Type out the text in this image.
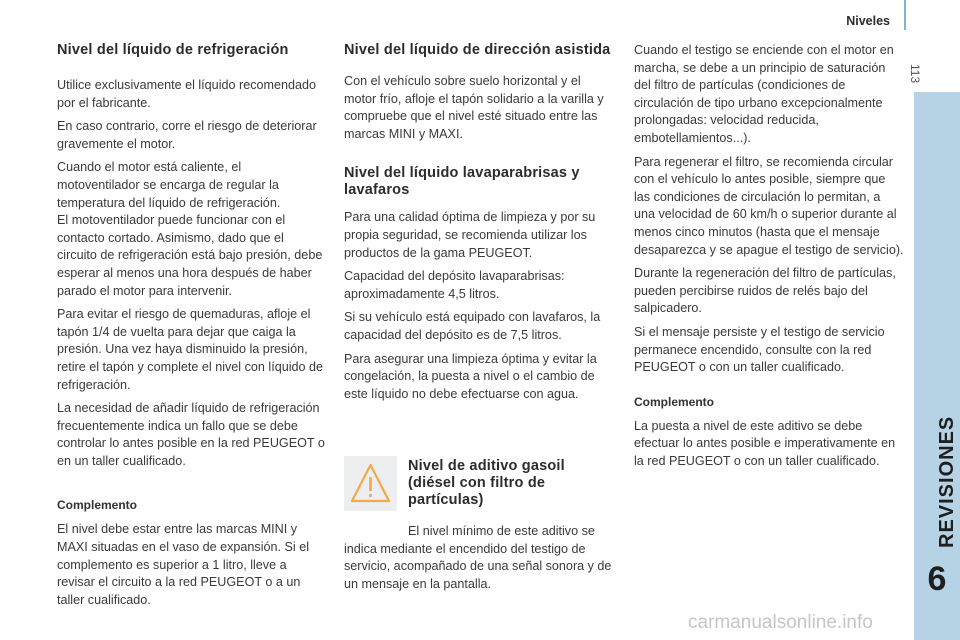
Niveles
113
REVISIONES
6
Nivel del líquido de refrigeración

Utilice exclusivamente el líquido recomendado por el fabricante.

En caso contrario, corre el riesgo de deteriorar gravemente el motor.

Cuando el motor está caliente, el motoventilador se encarga de regular la temperatura del líquido de refrigeración.

El motoventilador puede funcionar con el contacto cortado. Asimismo, dado que el circuito de refrigeración está bajo presión, debe esperar al menos una hora después de haber parado el motor para intervenir.

Para evitar el riesgo de quemaduras, afloje el tapón 1/4 de vuelta para dejar que caiga la presión. Una vez haya disminuido la presión, retire el tapón y complete el nivel con líquido de refrigeración.

La necesidad de añadir líquido de refrigeración frecuentemente indica un fallo que se debe controlar lo antes posible en la red PEUGEOT o en un taller cualificado.

Complemento

El nivel debe estar entre las marcas MINI y MAXI situadas en el vaso de expansión. Si el complemento es superior a 1 litro, lleve a revisar el circuito a la red PEUGEOT o a un taller cualificado.

Nivel del líquido de dirección asistida

Con el vehículo sobre suelo horizontal y el motor frío, afloje el tapón solidario a la varilla y compruebe que el nivel esté situado entre las marcas MINI y MAXI.

Nivel del líquido lavaparabrisas y lavafaros

Para una calidad óptima de limpieza y por su propia seguridad, se recomienda utilizar los productos de la gama PEUGEOT.

Capacidad del depósito lavaparabrisas: aproximadamente 4,5 litros.

Si su vehículo está equipado con lavafaros, la capacidad del depósito es de 7,5 litros.

Para asegurar una limpieza óptima y evitar la congelación, la puesta a nivel o el cambio de este líquido no debe efectuarse con agua.

Nivel de aditivo gasoil (diésel con filtro de partículas)

El nivel mínimo de este aditivo se indica mediante el encendido del testigo de servicio, acompañado de una señal sonora y de un mensaje en la pantalla.

Cuando el testigo se enciende con el motor en marcha, se debe a un principio de saturación del filtro de partículas (condiciones de circulación de tipo urbano excepcionalmente prolongadas: velocidad reducida, embotellamientos...).

Para regenerar el filtro, se recomienda circular con el vehículo lo antes posible, siempre que las condiciones de circulación lo permitan, a una velocidad de 60 km/h o superior durante al menos cinco minutos (hasta que el mensaje desaparezca y se apague el testigo de servicio).

Durante la regeneración del filtro de partículas, pueden percibirse ruidos de relés bajo del salpicadero.

Si el mensaje persiste y el testigo de servicio permanece encendido, consulte con la red PEUGEOT o con un taller cualificado.

Complemento

La puesta a nivel de este aditivo se debe efectuar lo antes posible e imperativamente en la red PEUGEOT o con un taller cualificado.

carmanualsonline.info
